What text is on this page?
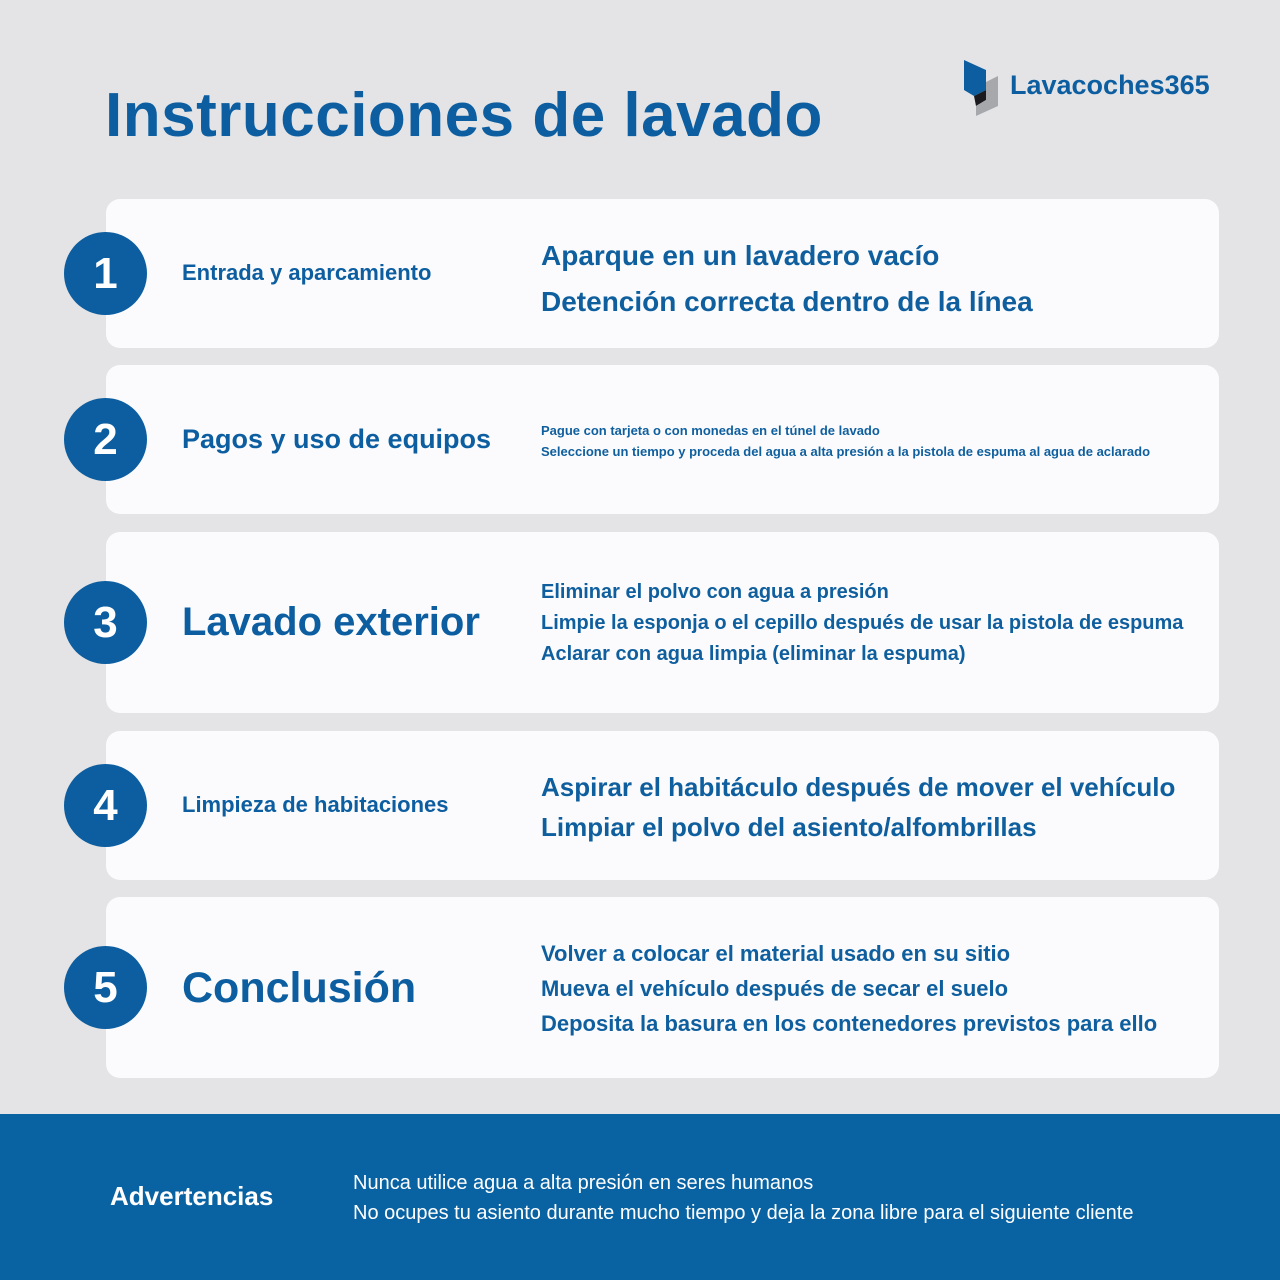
Instrucciones de lavado	Lavacoches365
1	Entrada y aparcamiento
Aparque en un lavadero vacío
Detención correcta dentro de la línea
2	Pagos y uso de equipos	Pague con tarjeta o con monedas en el túnel de lavado
Seleccione un tiempo y proceda del agua a alta presión a la pistola de espuma al agua de aclarado
3	Lavado exterior
Eliminar el polvo con agua a presión
Limpie la esponja o el cepillo después de usar la pistola de espuma
Aclarar con agua limpia (eliminar la espuma)
4	Limpieza de habitaciones
Aspirar el habitáculo después de mover el vehículo
Limpiar el polvo del asiento/alfombrillas
5	Conclusión
Volver a colocar el material usado en su sitio
Mueva el vehículo después de secar el suelo
Deposita la basura en los contenedores previstos para ello
Advertencias	Nunca utilice agua a alta presión en seres humanos
No ocupes tu asiento durante mucho tiempo y deja la zona libre para el siguiente cliente
